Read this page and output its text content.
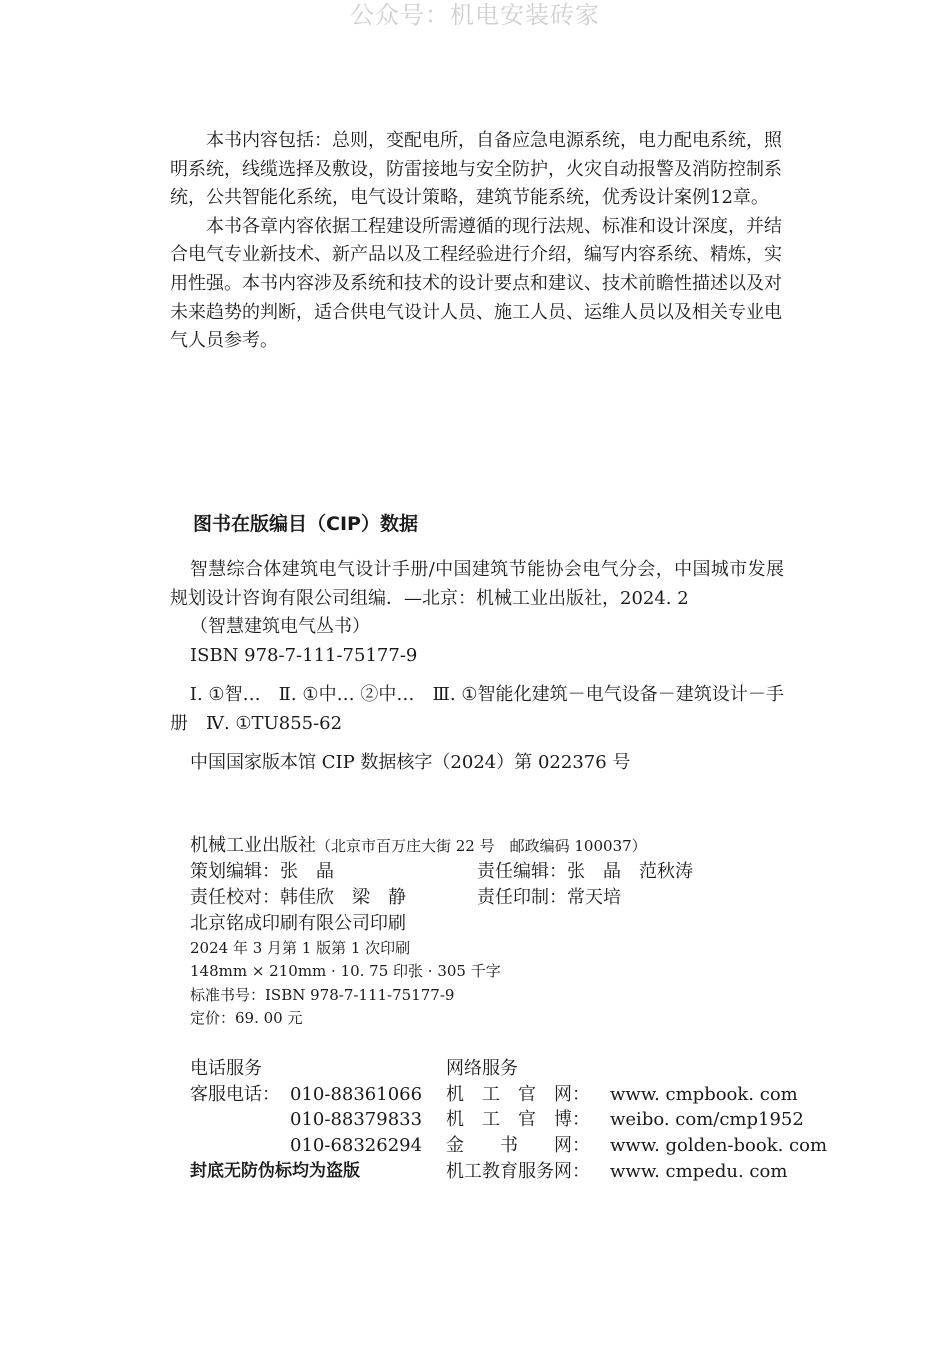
公众号：机电安装砖家

本书内容包括：总则，变配电所，自备应急电源系统，电力配电系统，照明系统，线缆选择及敷设，防雷接地与安全防护，火灾自动报警及消防控制系统，公共智能化系统，电气设计策略，建筑节能系统，优秀设计案例12章。

本书各章内容依据工程建设所需遵循的现行法规、标准和设计深度，并结合电气专业新技术、新产品以及工程经验进行介绍，编写内容系统、精炼，实用性强。本书内容涉及系统和技术的设计要点和建议、技术前瞻性描述以及对未来趋势的判断，适合供电气设计人员、施工人员、运维人员以及相关专业电气人员参考。

图书在版编目（CIP）数据
智慧综合体建筑电气设计手册/中国建筑节能协会电气分会，中国城市发展规划设计咨询有限公司组编．—北京：机械工业出版社，2024. 2
（智慧建筑电气丛书）
ISBN 978-7-111-75177-9
Ⅰ. ①智…　Ⅱ. ①中… ②中…　Ⅲ. ①智能化建筑－电气设备－建筑设计－手册　Ⅳ. ①TU855-62
中国国家版本馆 CIP 数据核字（2024）第 022376 号
机械工业出版社（北京市百万庄大街 22 号　邮政编码 100037）
策划编辑：张　晶	责任编辑：张　晶　范秋涛
责任校对：韩佳欣　梁　静	责任印制：常天培
北京铭成印刷有限公司印刷
2024 年 3 月第 1 版第 1 次印刷
148mm × 210mm · 10. 75 印张 · 305 千字
标准书号：ISBN 978-7-111-75177-9
定价：69. 00 元
电话服务	网络服务
客服电话： 010-88361066 机　工　官　网： www. cmpbook. com
010-88379833 机　工　官　博： weibo. com/cmp1952
010-68326294 金　　书　　网： www. golden-book. com
封底无防伪标均为盗版	机工教育服务网： www. cmpedu. com
